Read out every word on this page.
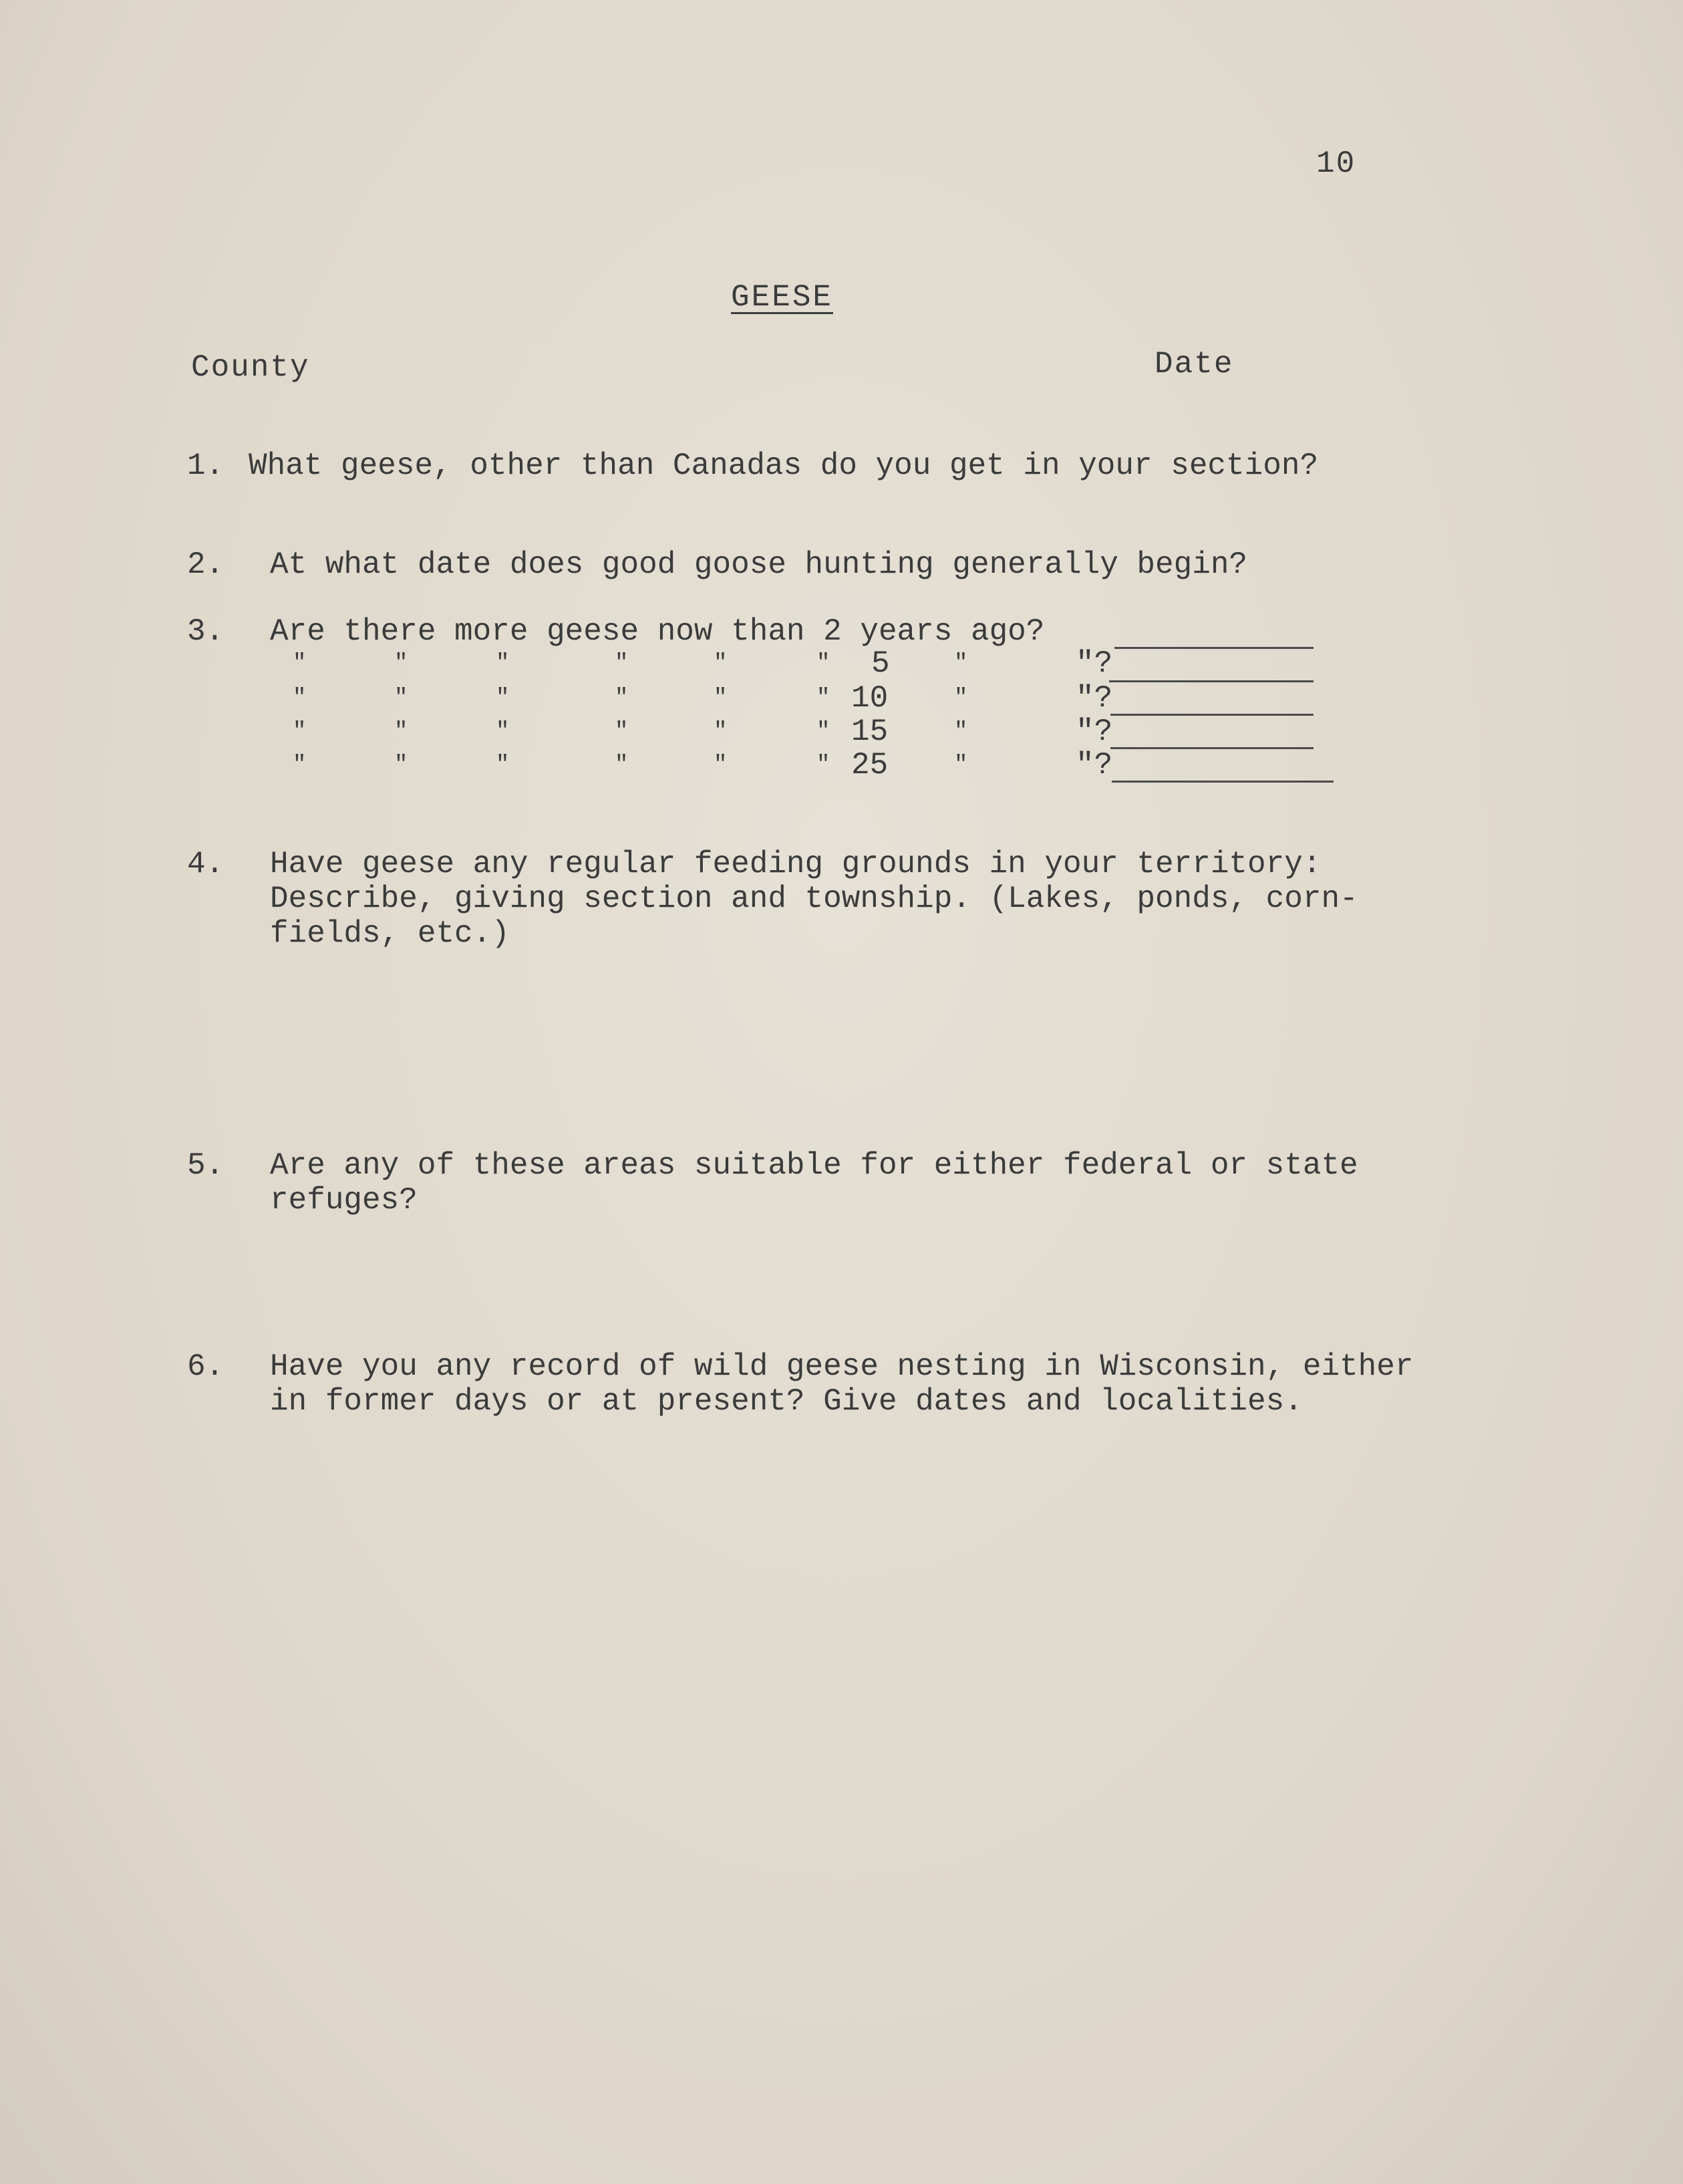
10
GEESE
County	Date
1. What geese, other than Canadas do you get in your section?
2. At what date does good goose hunting generally begin?
3. Are there more geese now than 2 years ago?
"	"	"	"	"	" 5	"	"?
"	"	"	"	"	" 10	"	"?
"	"	"	"	"	" 15	"	"?
"	"	"	"	"	" 25	"	"?
4. Have geese any regular feeding grounds in your territory:
Describe, giving section and township. (Lakes, ponds, corn-
fields, etc.)
5. Are any of these areas suitable for either federal or state
refuges?
6. Have you any record of wild geese nesting in Wisconsin, either
in former days or at present? Give dates and localities.
